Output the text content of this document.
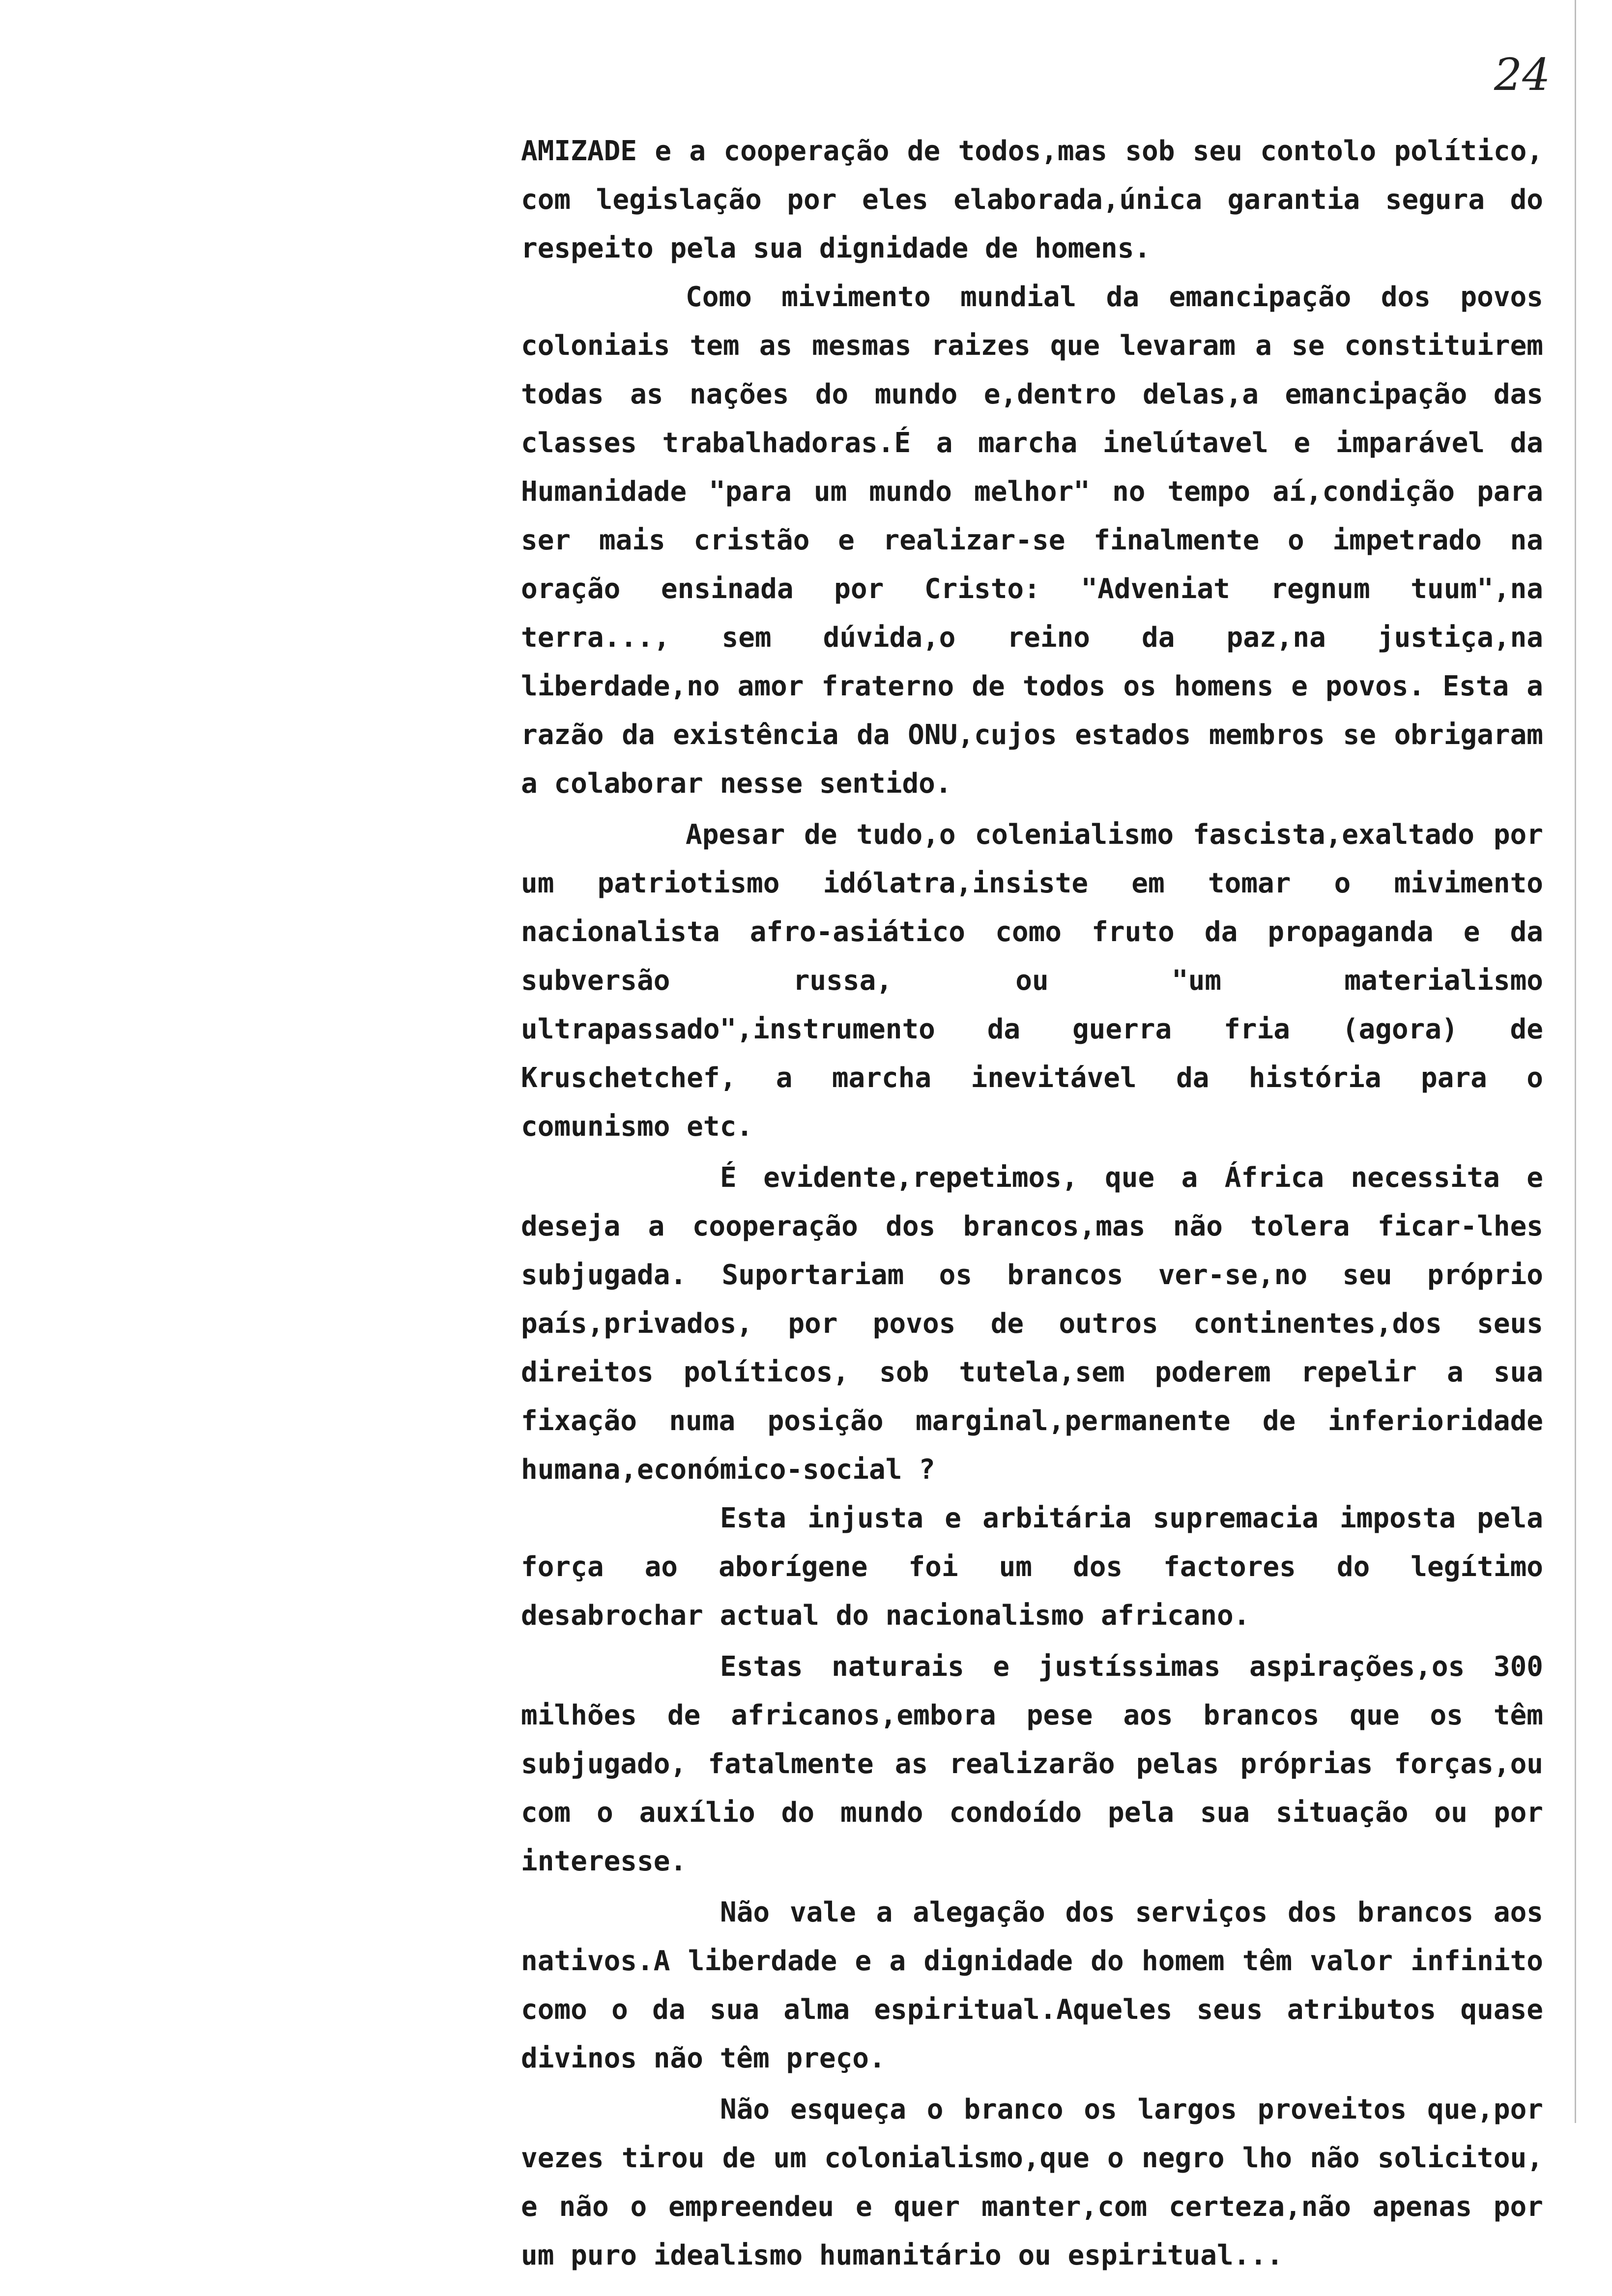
24

AMIZADE e a cooperação de todos,mas sob seu contolo político, com legislação por eles elaborada,única garantia segura do respeito pela sua dignidade de homens.

Como mivimento mundial da emancipação dos povos coloniais tem as mesmas raizes que levaram a se constituirem todas as nações do mundo e,dentro delas,a emancipação das classes trabalhadoras.É a marcha inelútavel e imparável da Humanidade "para um mundo melhor" no tempo aí,condição para ser mais cristão e realizar-se finalmente o impetrado na oração ensinada por Cristo: "Adveniat regnum tuum",na terra..., sem dúvida,o reino da paz,na justiça,na liberdade,no amor fraterno de todos os homens e povos. Esta a razão da existência da ONU,cujos estados membros se obrigaram a colaborar nesse sentido.

Apesar de tudo,o colenialismo fascista,exaltado por um patriotismo idólatra,insiste em tomar o mivimento nacionalista afro-asiático como fruto da propaganda e da subversão russa, ou "um materialismo ultrapassado",instrumento da guerra fria (agora) de Kruschetchef, a marcha inevitável da história para o comunismo etc.

É evidente,repetimos, que a África necessita e deseja a cooperação dos brancos,mas não tolera ficar-lhes subjugada. Suportariam os brancos ver-se,no seu próprio país,privados, por povos de outros continentes,dos seus direitos políticos, sob tutela,sem poderem repelir a sua fixação numa posição marginal,permanente de inferioridade humana,económico-social ?

Esta injusta e arbitária supremacia imposta pela força ao aborígene foi um dos factores do legítimo desabrochar actual do nacionalismo africano.

Estas naturais e justíssimas aspirações,os 300 milhões de africanos,embora pese aos brancos que os têm subjugado, fatalmente as realizarão pelas próprias forças,ou com o auxílio do mundo condoído pela sua situação ou por interesse.

Não vale a alegação dos serviços dos brancos aos nativos.A liberdade e a dignidade do homem têm valor infinito como o da sua alma espiritual.Aqueles seus atributos quase divinos não têm preço.

Não esqueça o branco os largos proveitos que,por vezes tirou de um colonialismo,que o negro lho não solicitou, e não o empreendeu e quer manter,com certeza,não apenas por um puro idealismo humanitário ou espiritual...
